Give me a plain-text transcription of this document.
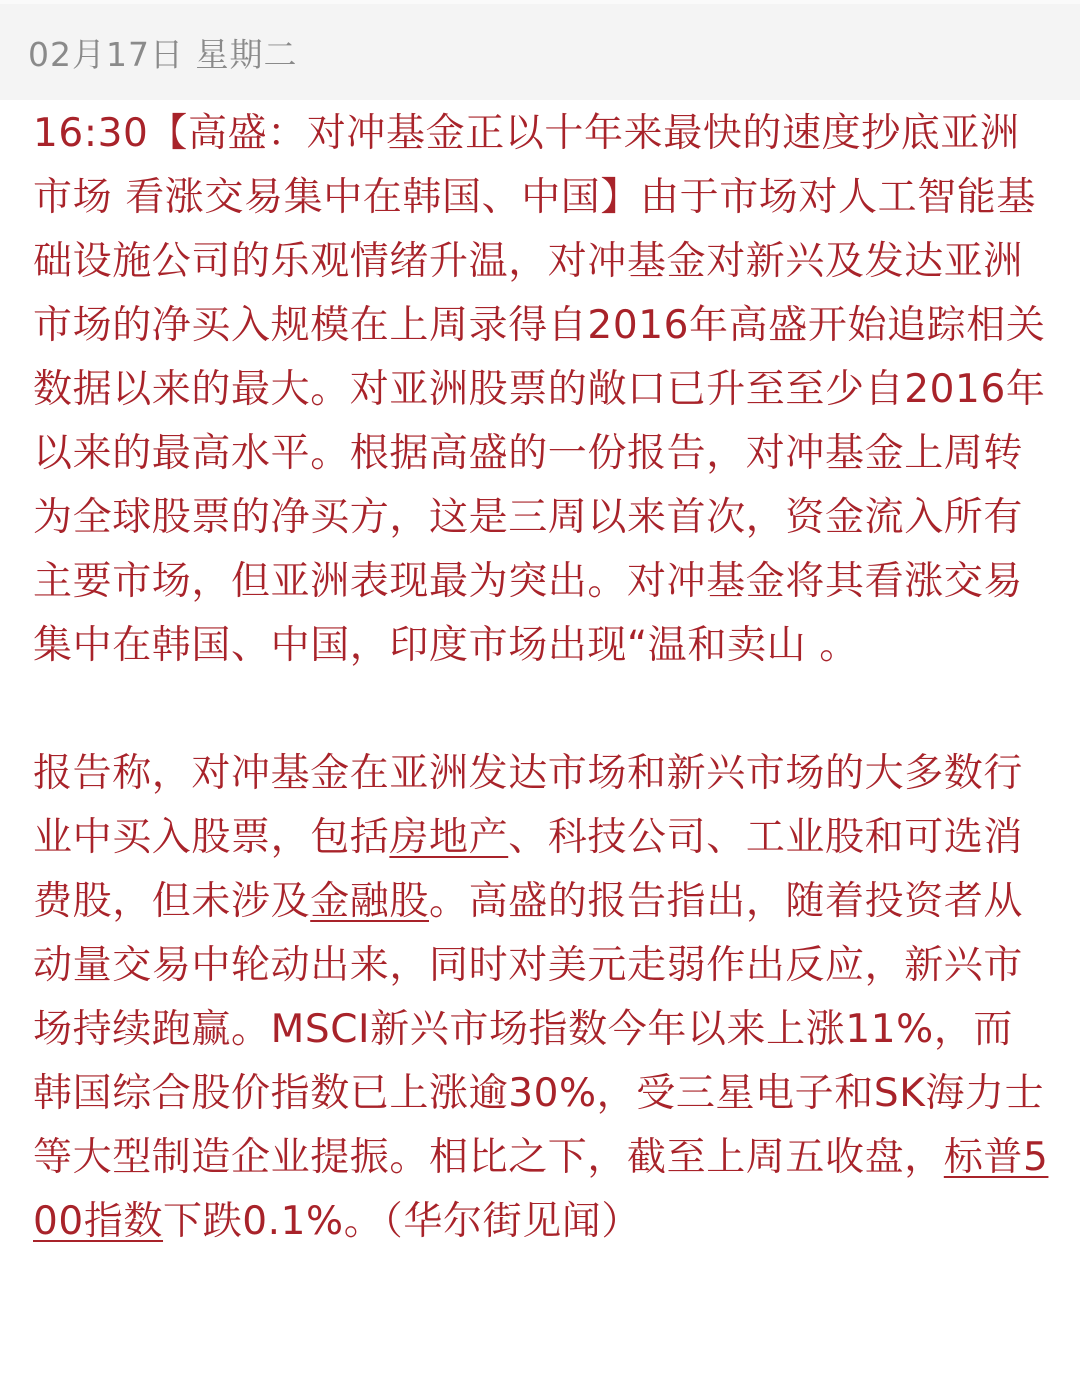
02月17日 星期二

16:30【高盛：对冲基金正以十年来最快的速度抄底亚洲市场 看涨交易集中在韩国、中国】由于市场对人工智能基础设施公司的乐观情绪升温，对冲基金对新兴及发达亚洲市场的净买入规模在上周录得自2016年高盛开始追踪相关数据以来的最大。对亚洲股票的敞口已升至至少自2016年以来的最高水平。根据高盛的一份报告，对冲基金上周转为全球股票的净买方，这是三周以来首次，资金流入所有主要市场，但亚洲表现最为突出。对冲基金将其看涨交易集中在韩国、中国，印度市场出现“温和卖山 。

报告称，对冲基金在亚洲发达市场和新兴市场的大多数行业中买入股票，包括房地产、科技公司、工业股和可选消费股，但未涉及金融股。高盛的报告指出，随着投资者从动量交易中轮动出来，同时对美元走弱作出反应，新兴市场持续跑赢。MSCI新兴市场指数今年以来上涨11%，而韩国综合股价指数已上涨逾30%，受三星电子和SK海力士等大型制造企业提振。相比之下，截至上周五收盘，标普500指数下跌0.1%。（华尔街见闻）
